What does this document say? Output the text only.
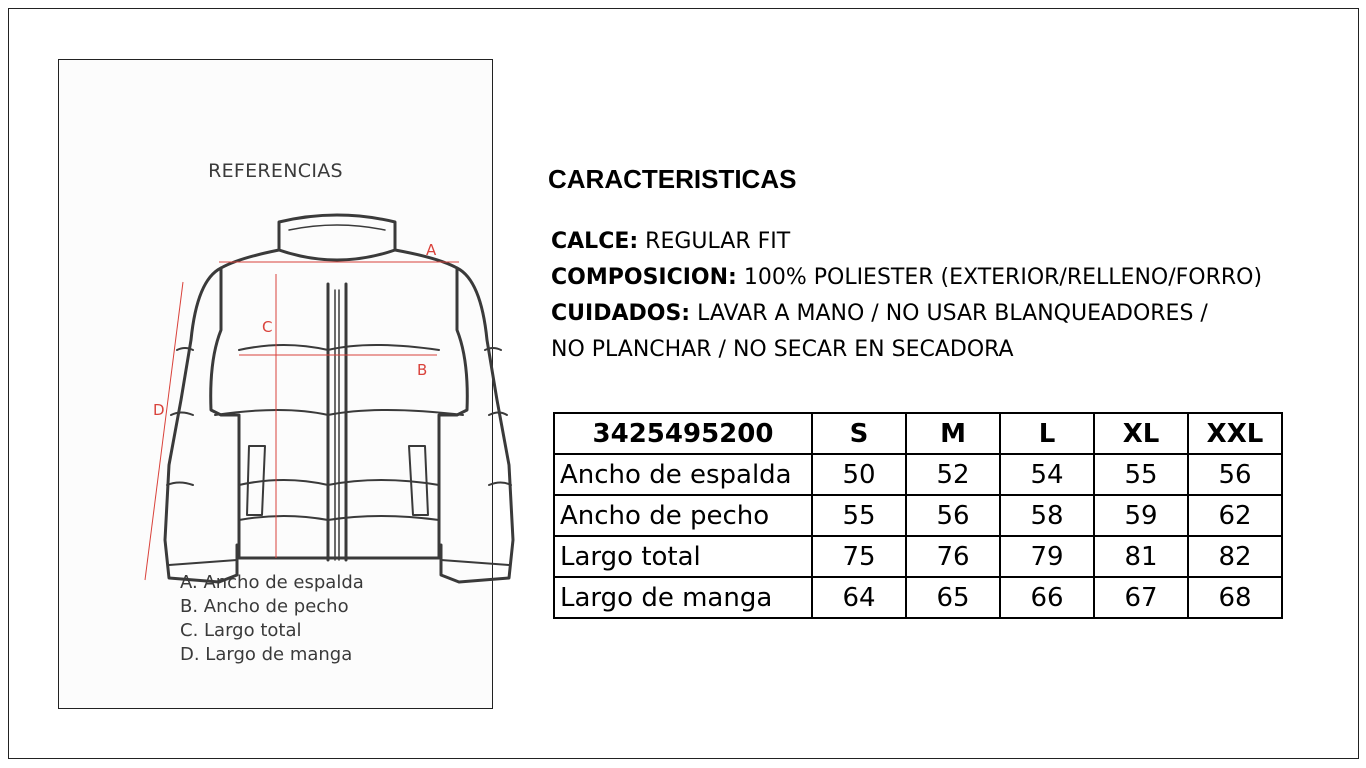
REFERENCIAS
A
B
C
D
A. Ancho de espalda
B. Ancho de pecho
C. Largo total
D. Largo de manga
CARACTERISTICAS
CALCE: REGULAR FIT
COMPOSICION: 100% POLIESTER (EXTERIOR/RELLENO/FORRO)
CUIDADOS: LAVAR A MANO / NO USAR BLANQUEADORES /
NO PLANCHAR / NO SECAR EN SECADORA
3425495200	S	M	L	XL	XXL
Ancho de espalda	50	52	54	55	56
Ancho de pecho	55	56	58	59	62
Largo total	75	76	79	81	82
Largo de manga	64	65	66	67	68
